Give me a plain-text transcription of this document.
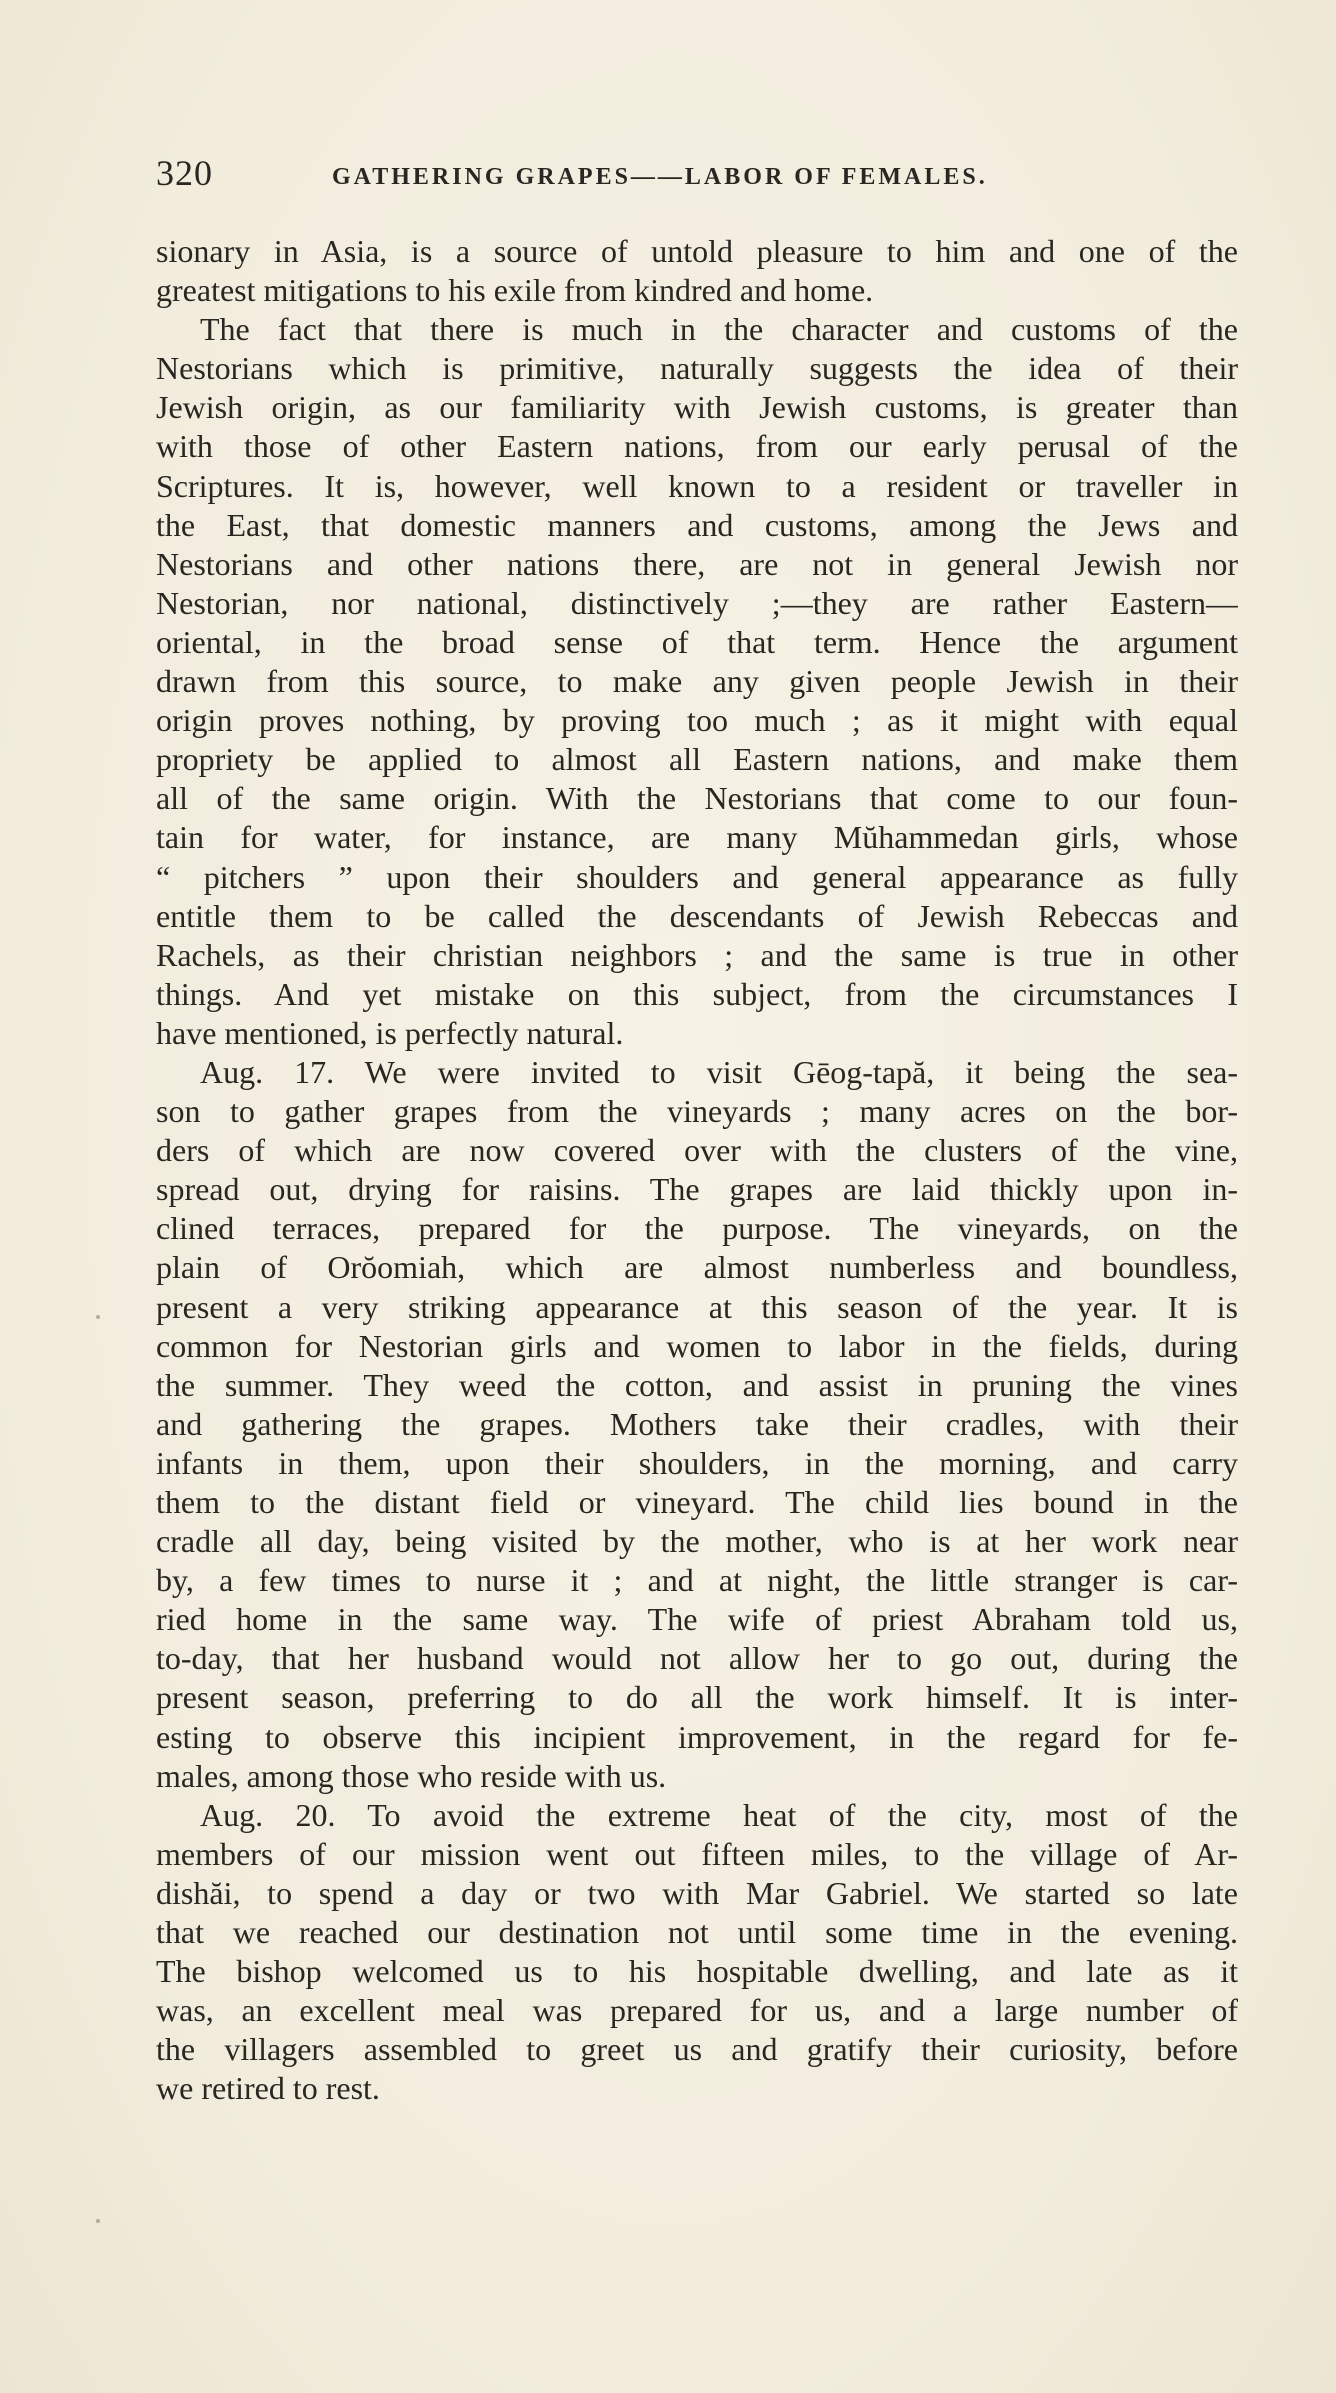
320	GATHERING GRAPES——LABOR OF FEMALES.
sionary in Asia, is a source of untold pleasure to him and one of the
greatest mitigations to his exile from kindred and home.
The fact that there is much in the character and customs of the
Nestorians which is primitive, naturally suggests the idea of their
Jewish origin, as our familiarity with Jewish customs, is greater than
with those of other Eastern nations, from our early perusal of the
Scriptures. It is, however, well known to a resident or traveller in
the East, that domestic manners and customs, among the Jews and
Nestorians and other nations there, are not in general Jewish nor
Nestorian, nor national, distinctively ;—they are rather Eastern—
oriental, in the broad sense of that term. Hence the argument
drawn from this source, to make any given people Jewish in their
origin proves nothing, by proving too much ; as it might with equal
propriety be applied to almost all Eastern nations, and make them
all of the same origin. With the Nestorians that come to our foun-
tain for water, for instance, are many Mŭhammedan girls, whose
“ pitchers ” upon their shoulders and general appearance as fully
entitle them to be called the descendants of Jewish Rebeccas and
Rachels, as their christian neighbors ; and the same is true in other
things. And yet mistake on this subject, from the circumstances I
have mentioned, is perfectly natural.
Aug. 17. We were invited to visit Gēog-tapă, it being the sea-
son to gather grapes from the vineyards ; many acres on the bor-
ders of which are now covered over with the clusters of the vine,
spread out, drying for raisins. The grapes are laid thickly upon in-
clined terraces, prepared for the purpose. The vineyards, on the
plain of Orŏomiah, which are almost numberless and boundless,
present a very striking appearance at this season of the year. It is
common for Nestorian girls and women to labor in the fields, during
the summer. They weed the cotton, and assist in pruning the vines
and gathering the grapes. Mothers take their cradles, with their
infants in them, upon their shoulders, in the morning, and carry
them to the distant field or vineyard. The child lies bound in the
cradle all day, being visited by the mother, who is at her work near
by, a few times to nurse it ; and at night, the little stranger is car-
ried home in the same way. The wife of priest Abraham told us,
to-day, that her husband would not allow her to go out, during the
present season, preferring to do all the work himself. It is inter-
esting to observe this incipient improvement, in the regard for fe-
males, among those who reside with us.
Aug. 20. To avoid the extreme heat of the city, most of the
members of our mission went out fifteen miles, to the village of Ar-
dishăi, to spend a day or two with Mar Gabriel. We started so late
that we reached our destination not until some time in the evening.
The bishop welcomed us to his hospitable dwelling, and late as it
was, an excellent meal was prepared for us, and a large number of
the villagers assembled to greet us and gratify their curiosity, before
we retired to rest.
